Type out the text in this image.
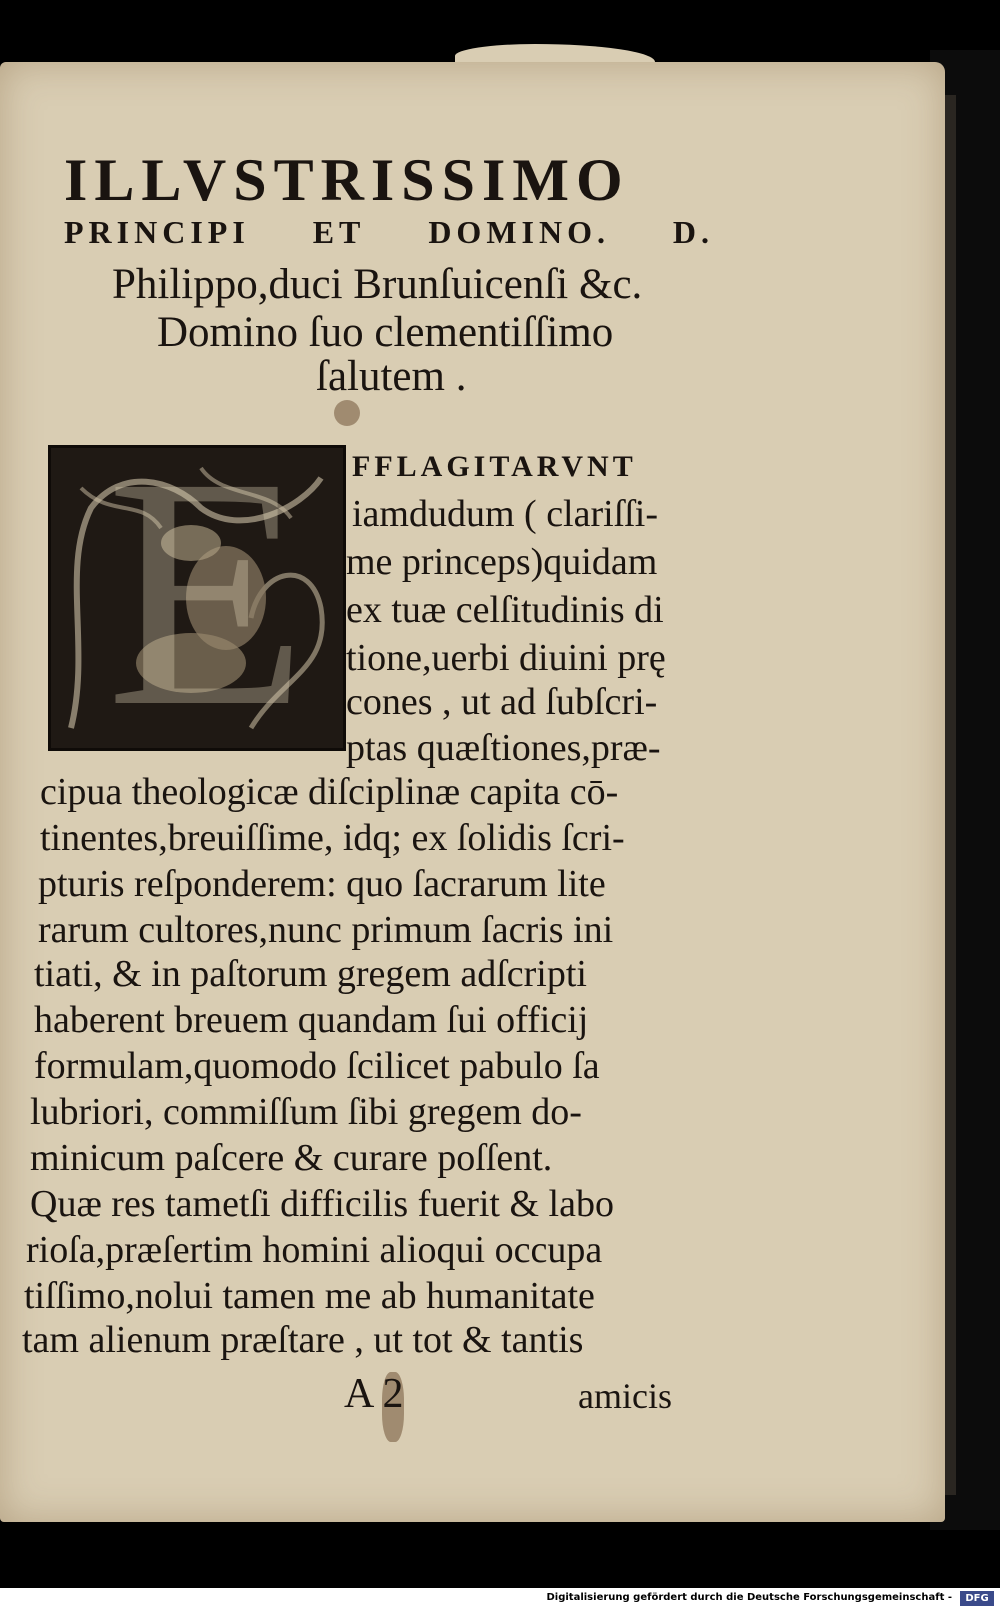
ILLVSTRISSIMO
PRINCIPI ET DOMINO. D.
Philippo,duci Brunſuicenſi &c.
Domino ſuo clementiſſimo
ſalutem .
E FFLAGITARVNT
iamdudum ( clariſſi-
me princeps)quidam
ex tuæ celſitudinis di
tione,uerbi diuini prę
cones , ut ad ſubſcri-
ptas quæſtiones,præ-
cipua theologicæ diſciplinæ capita cō-
tinentes,breuiſſime, idq; ex ſolidis ſcri-
pturis reſponderem: quo ſacrarum lite
rarum cultores,nunc primum ſacris ini
tiati, & in paſtorum gregem adſcripti
haberent breuem quandam ſui officij
formulam,quomodo ſcilicet pabulo ſa
lubriori, commiſſum ſibi gregem do-
minicum paſcere & curare poſſent.
Quæ res tametſi difficilis fuerit & labo
rioſa,præſertim homini alioqui occupa
tiſſimo,nolui tamen me ab humanitate
tam alienum præſtare , ut tot & tantis
A 2	amicis
Digitalisierung gefördert durch die Deutsche Forschungsgemeinschaft -	DFG
